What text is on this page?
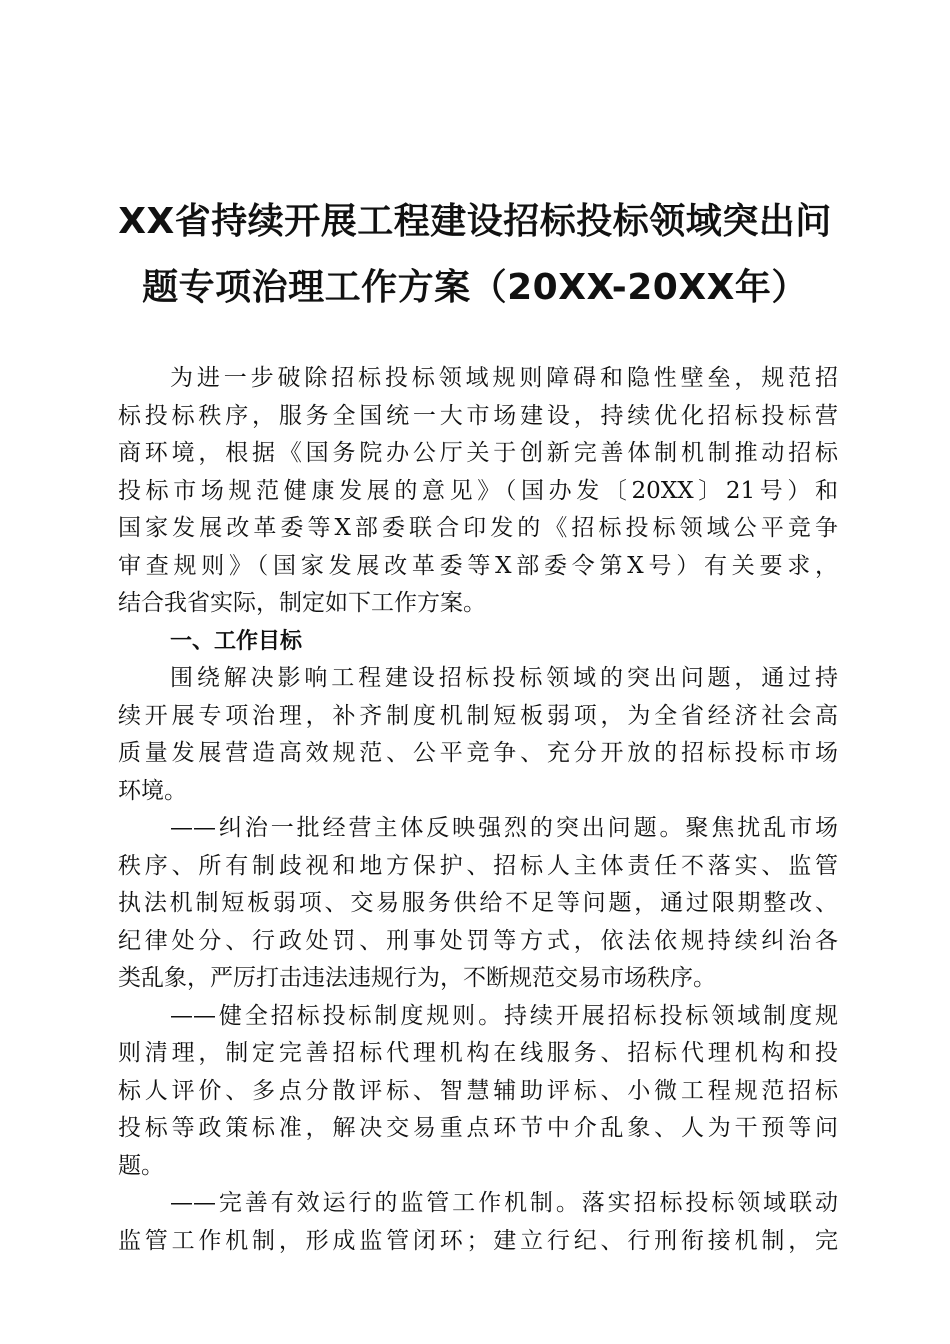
XX省持续开展工程建设招标投标领域突出问
题专项治理工作方案（20XX-20XX年）
为进一步破除招标投标领域规则障碍和隐性壁垒，规范招
标投标秩序，服务全国统一大市场建设，持续优化招标投标营
商环境，根据《国务院办公厅关于创新完善体制机制推动招标
投标市场规范健康发展的意见》（国办发〔20XX〕21号）和
国家发展改革委等X部委联合印发的《招标投标领域公平竞争
审查规则》（国家发展改革委等X部委令第X号）有关要求，
结合我省实际，制定如下工作方案。
一、工作目标
围绕解决影响工程建设招标投标领域的突出问题，通过持
续开展专项治理，补齐制度机制短板弱项，为全省经济社会高
质量发展营造高效规范、公平竞争、充分开放的招标投标市场
环境。
——纠治一批经营主体反映强烈的突出问题。聚焦扰乱市场
秩序、所有制歧视和地方保护、招标人主体责任不落实、监管
执法机制短板弱项、交易服务供给不足等问题，通过限期整改、
纪律处分、行政处罚、刑事处罚等方式，依法依规持续纠治各
类乱象，严厉打击违法违规行为，不断规范交易市场秩序。
——健全招标投标制度规则。持续开展招标投标领域制度规
则清理，制定完善招标代理机构在线服务、招标代理机构和投
标人评价、多点分散评标、智慧辅助评标、小微工程规范招标
投标等政策标准，解决交易重点环节中介乱象、人为干预等问
题。
——完善有效运行的监管工作机制。落实招标投标领域联动
监管工作机制，形成监管闭环；建立行纪、行刑衔接机制，完
